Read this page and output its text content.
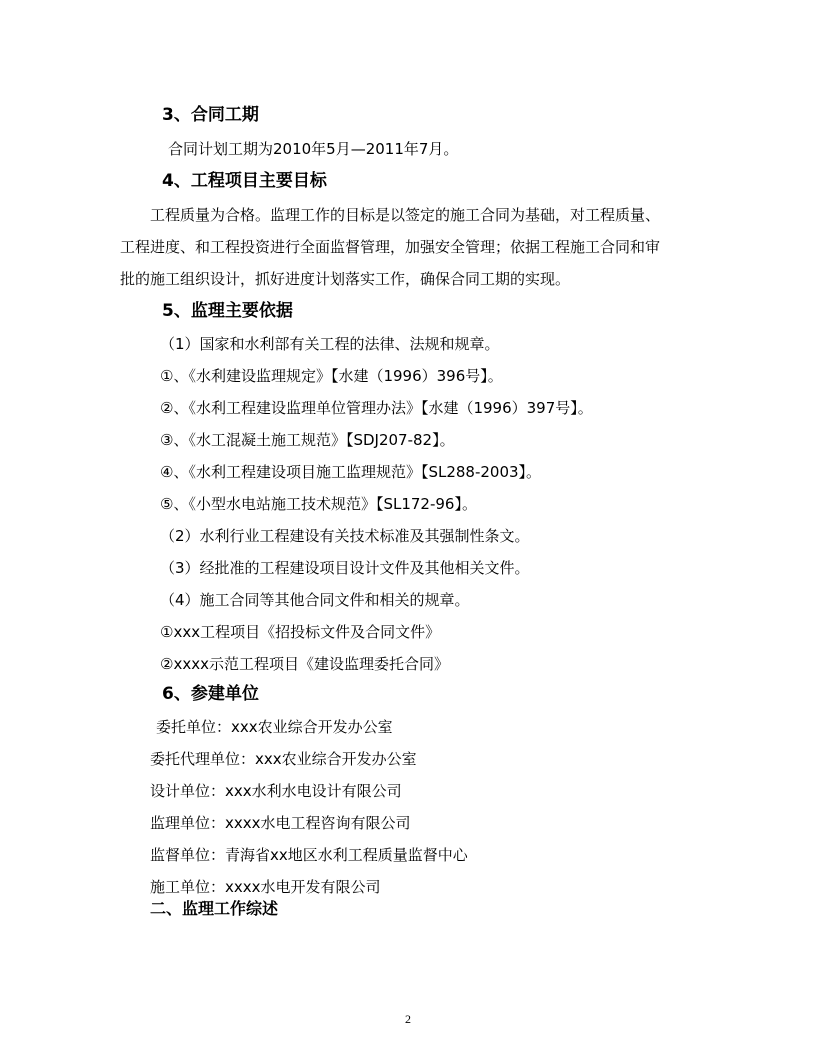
3、合同工期
合同计划工期为2010年5月—2011年7月。
4、工程项目主要目标
工程质量为合格。监理工作的目标是以签定的施工合同为基础，对工程质量、
工程进度、和工程投资进行全面监督管理，加强安全管理；依据工程施工合同和审
批的施工组织设计，抓好进度计划落实工作，确保合同工期的实现。
5、监理主要依据
（1）国家和水利部有关工程的法律、法规和规章。
①、《水利建设监理规定》【水建（1996）396号】。
②、《水利工程建设监理单位管理办法》【水建（1996）397号】。
③、《水工混凝土施工规范》【SDJ207-82】。
④、《水利工程建设项目施工监理规范》【SL288-2003】。
⑤、《小型水电站施工技术规范》【SL172-96】。
（2）水利行业工程建设有关技术标准及其强制性条文。
（3）经批准的工程建设项目设计文件及其他相关文件。
（4）施工合同等其他合同文件和相关的规章。
①xxx工程项目《招投标文件及合同文件》
②xxxx示范工程项目《建设监理委托合同》
6、参建单位
委托单位：xxx农业综合开发办公室
委托代理单位：xxx农业综合开发办公室
设计单位：xxx水利水电设计有限公司
监理单位：xxxx水电工程咨询有限公司
监督单位：青海省xx地区水利工程质量监督中心
施工单位：xxxx水电开发有限公司
二、监理工作综述
2
